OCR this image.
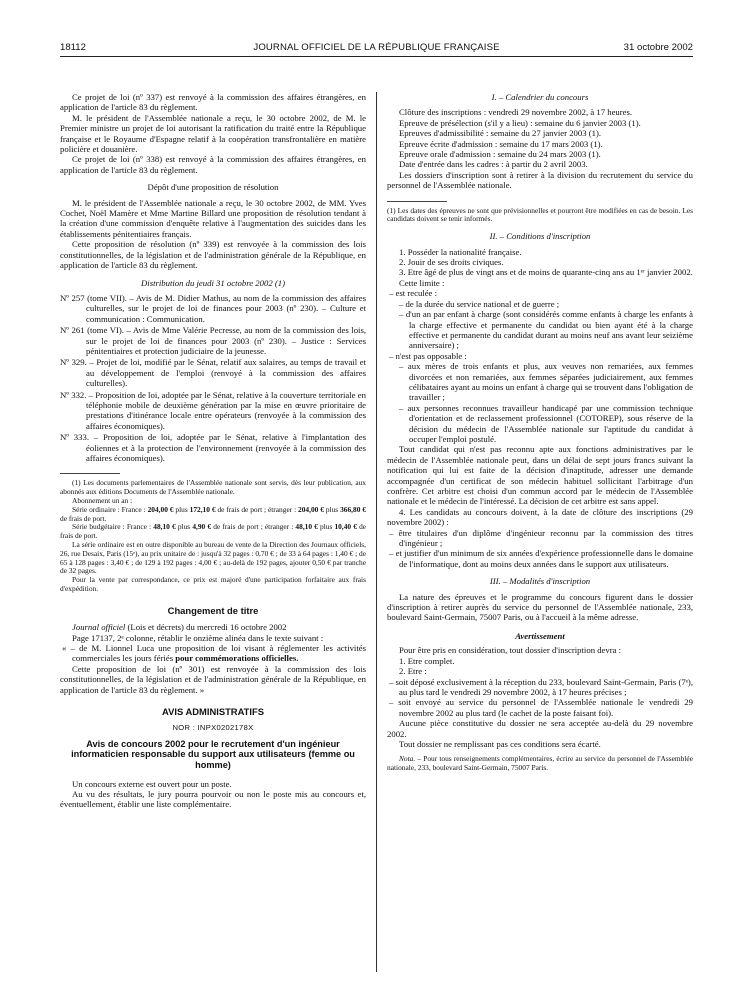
18112	JOURNAL OFFICIEL DE LA RÉPUBLIQUE FRANÇAISE	31 octobre 2002

Ce projet de loi (nº 337) est renvoyé à la commission des affaires étrangères, en application de l'article 83 du règlement.

M. le président de l'Assemblée nationale a reçu, le 30 octobre 2002, de M. le Premier ministre un projet de loi autorisant la ratification du traité entre la République française et le Royaume d'Espagne relatif à la coopération transfrontalière en matière policière et douanière.

Ce projet de loi (nº 338) est renvoyé à la commission des affaires étrangères, en application de l'article 83 du règlement.

Dépôt d'une proposition de résolution

M. le président de l'Assemblée nationale a reçu, le 30 octobre 2002, de MM. Yves Cochet, Noël Mamère et Mme Martine Billard une proposition de résolution tendant à la création d'une commission d'enquête relative à l'augmentation des suicides dans les établissements pénitentiaires français.

Cette proposition de résolution (nº 339) est renvoyée à la commission des lois constitutionnelles, de la législation et de l'administration générale de la République, en application de l'article 83 du règlement.

Distribution du jeudi 31 octobre 2002 (1)

Nº 257 (tome VII). – Avis de M. Didier Mathus, au nom de la commission des affaires culturelles, sur le projet de loi de finances pour 2003 (nº 230). – Culture et communication : Communication.

Nº 261 (tome VI). – Avis de Mme Valérie Pecresse, au nom de la commission des lois, sur le projet de loi de finances pour 2003 (nº 230). – Justice : Services pénitentiaires et protection judiciaire de la jeunesse.

Nº 329. – Projet de loi, modifié par le Sénat, relatif aux salaires, au temps de travail et au développement de l'emploi (renvoyé à la commission des affaires culturelles).

Nº 332. – Proposition de loi, adoptée par le Sénat, relative à la couverture territoriale en téléphonie mobile de deuxième génération par la mise en œuvre prioritaire de prestations d'itinérance locale entre opérateurs (renvoyée à la commission des affaires économiques).

Nº 333. – Proposition de loi, adoptée par le Sénat, relative à l'implantation des éoliennes et à la protection de l'environnement (renvoyée à la commission des affaires économiques).

(1) Les documents parlementaires de l'Assemblée nationale sont servis, dès leur publication, aux abonnés aux éditions Documents de l'Assemblée nationale.

Abonnement un an :

Série ordinaire : France : 204,00 € plus 172,10 € de frais de port ; étranger : 204,00 € plus 366,80 € de frais de port.

Série budgétaire : France : 48,10 € plus 4,90 € de frais de port ; étranger : 48,10 € plus 10,40 € de frais de port.

La série ordinaire est en outre disponible au bureau de vente de la Direction des Journaux officiels, 26, rue Desaix, Paris (15ᵉ), au prix unitaire de : jusqu'à 32 pages : 0,70 € ; de 33 à 64 pages : 1,40 € ; de 65 à 128 pages : 3,40 € ; de 129 à 192 pages : 4,00 € ; au-delà de 192 pages, ajouter 0,50 € par tranche de 32 pages.

Pour la vente par correspondance, ce prix est majoré d'une participation forfaitaire aux frais d'expédition.

Changement de titre

Journal officiel (Lois et décrets) du mercredi 16 octobre 2002

Page 17137, 2ᵉ colonne, rétablir le onzième alinéa dans le texte suivant :

« – de M. Lionnel Luca une proposition de loi visant à réglementer les activités commerciales les jours fériés pour commémorations officielles.

Cette proposition de loi (nº 301) est renvoyée à la commission des lois constitutionnelles, de la législation et de l'administration générale de la République, en application de l'article 83 du règlement. »

AVIS ADMINISTRATIFS

NOR : INPX0202178X

Avis de concours 2002 pour le recrutement d'un ingénieur informaticien responsable du support aux utilisateurs (femme ou homme)

Un concours externe est ouvert pour un poste.

Au vu des résultats, le jury pourra pourvoir ou non le poste mis au concours et, éventuellement, établir une liste complémentaire.

I. – Calendrier du concours

Clôture des inscriptions : vendredi 29 novembre 2002, à 17 heures.

Epreuve de présélection (s'il y a lieu) : semaine du 6 janvier 2003 (1).

Epreuves d'admissibilité : semaine du 27 janvier 2003 (1).

Epreuve écrite d'admission : semaine du 17 mars 2003 (1).

Epreuve orale d'admission : semaine du 24 mars 2003 (1).

Date d'entrée dans les cadres : à partir du 2 avril 2003.

Les dossiers d'inscription sont à retirer à la division du recrutement du service du personnel de l'Assemblée nationale.

(1) Les dates des épreuves ne sont que prévisionnelles et pourront être modifiées en cas de besoin. Les candidats doivent se tenir informés.

II. – Conditions d'inscription

1. Posséder la nationalité française.

2. Jouir de ses droits civiques.

3. Etre âgé de plus de vingt ans et de moins de quarante-cinq ans au 1ᵉʳ janvier 2002.

Cette limite :

– est reculée :

– de la durée du service national et de guerre ;

– d'un an par enfant à charge (sont considérés comme enfants à charge les enfants à la charge effective et permanente du candidat ou bien ayant été à la charge effective et permanente du candidat durant au moins neuf ans avant leur seizième anniversaire) ;

– n'est pas opposable :

– aux mères de trois enfants et plus, aux veuves non remariées, aux femmes divorcées et non remariées, aux femmes séparées judiciairement, aux femmes célibataires ayant au moins un enfant à charge qui se trouvent dans l'obligation de travailler ;

– aux personnes reconnues travailleur handicapé par une commission technique d'orientation et de reclassement professionnel (COTOREP), sous réserve de la décision du médecin de l'Assemblée nationale sur l'aptitude du candidat à occuper l'emploi postulé.

Tout candidat qui n'est pas reconnu apte aux fonctions administratives par le médecin de l'Assemblée nationale peut, dans un délai de sept jours francs suivant la notification qui lui est faite de la décision d'inaptitude, adresser une demande accompagnée d'un certificat de son médecin habituel sollicitant l'arbitrage d'un confrère. Cet arbitre est choisi d'un commun accord par le médecin de l'Assemblée nationale et le médecin de l'intéressé. La décision de cet arbitre est sans appel.

4. Les candidats au concours doivent, à la date de clôture des inscriptions (29 novembre 2002) :

– être titulaires d'un diplôme d'ingénieur reconnu par la commission des titres d'ingénieur ;

– et justifier d'un minimum de six années d'expérience professionnelle dans le domaine de l'informatique, dont au moins deux années dans le support aux utilisateurs.

III. – Modalités d'inscription

La nature des épreuves et le programme du concours figurent dans le dossier d'inscription à retirer auprès du service du personnel de l'Assemblée nationale, 233, boulevard Saint-Germain, 75007 Paris, ou à l'accueil à la même adresse.

Avertissement

Pour être pris en considération, tout dossier d'inscription devra :

1. Etre complet.

2. Etre :

– soit déposé exclusivement à la réception du 233, boulevard Saint-Germain, Paris (7ᵉ), au plus tard le vendredi 29 novembre 2002, à 17 heures précises ;

– soit envoyé au service du personnel de l'Assemblée nationale le vendredi 29 novembre 2002 au plus tard (le cachet de la poste faisant foi).

Aucune pièce constitutive du dossier ne sera acceptée au-delà du 29 novembre 2002.

Tout dossier ne remplissant pas ces conditions sera écarté.

Nota. – Pour tous renseignements complémentaires, écrire au service du personnel de l'Assemblée nationale, 233, boulevard Saint-Germain, 75007 Paris.
